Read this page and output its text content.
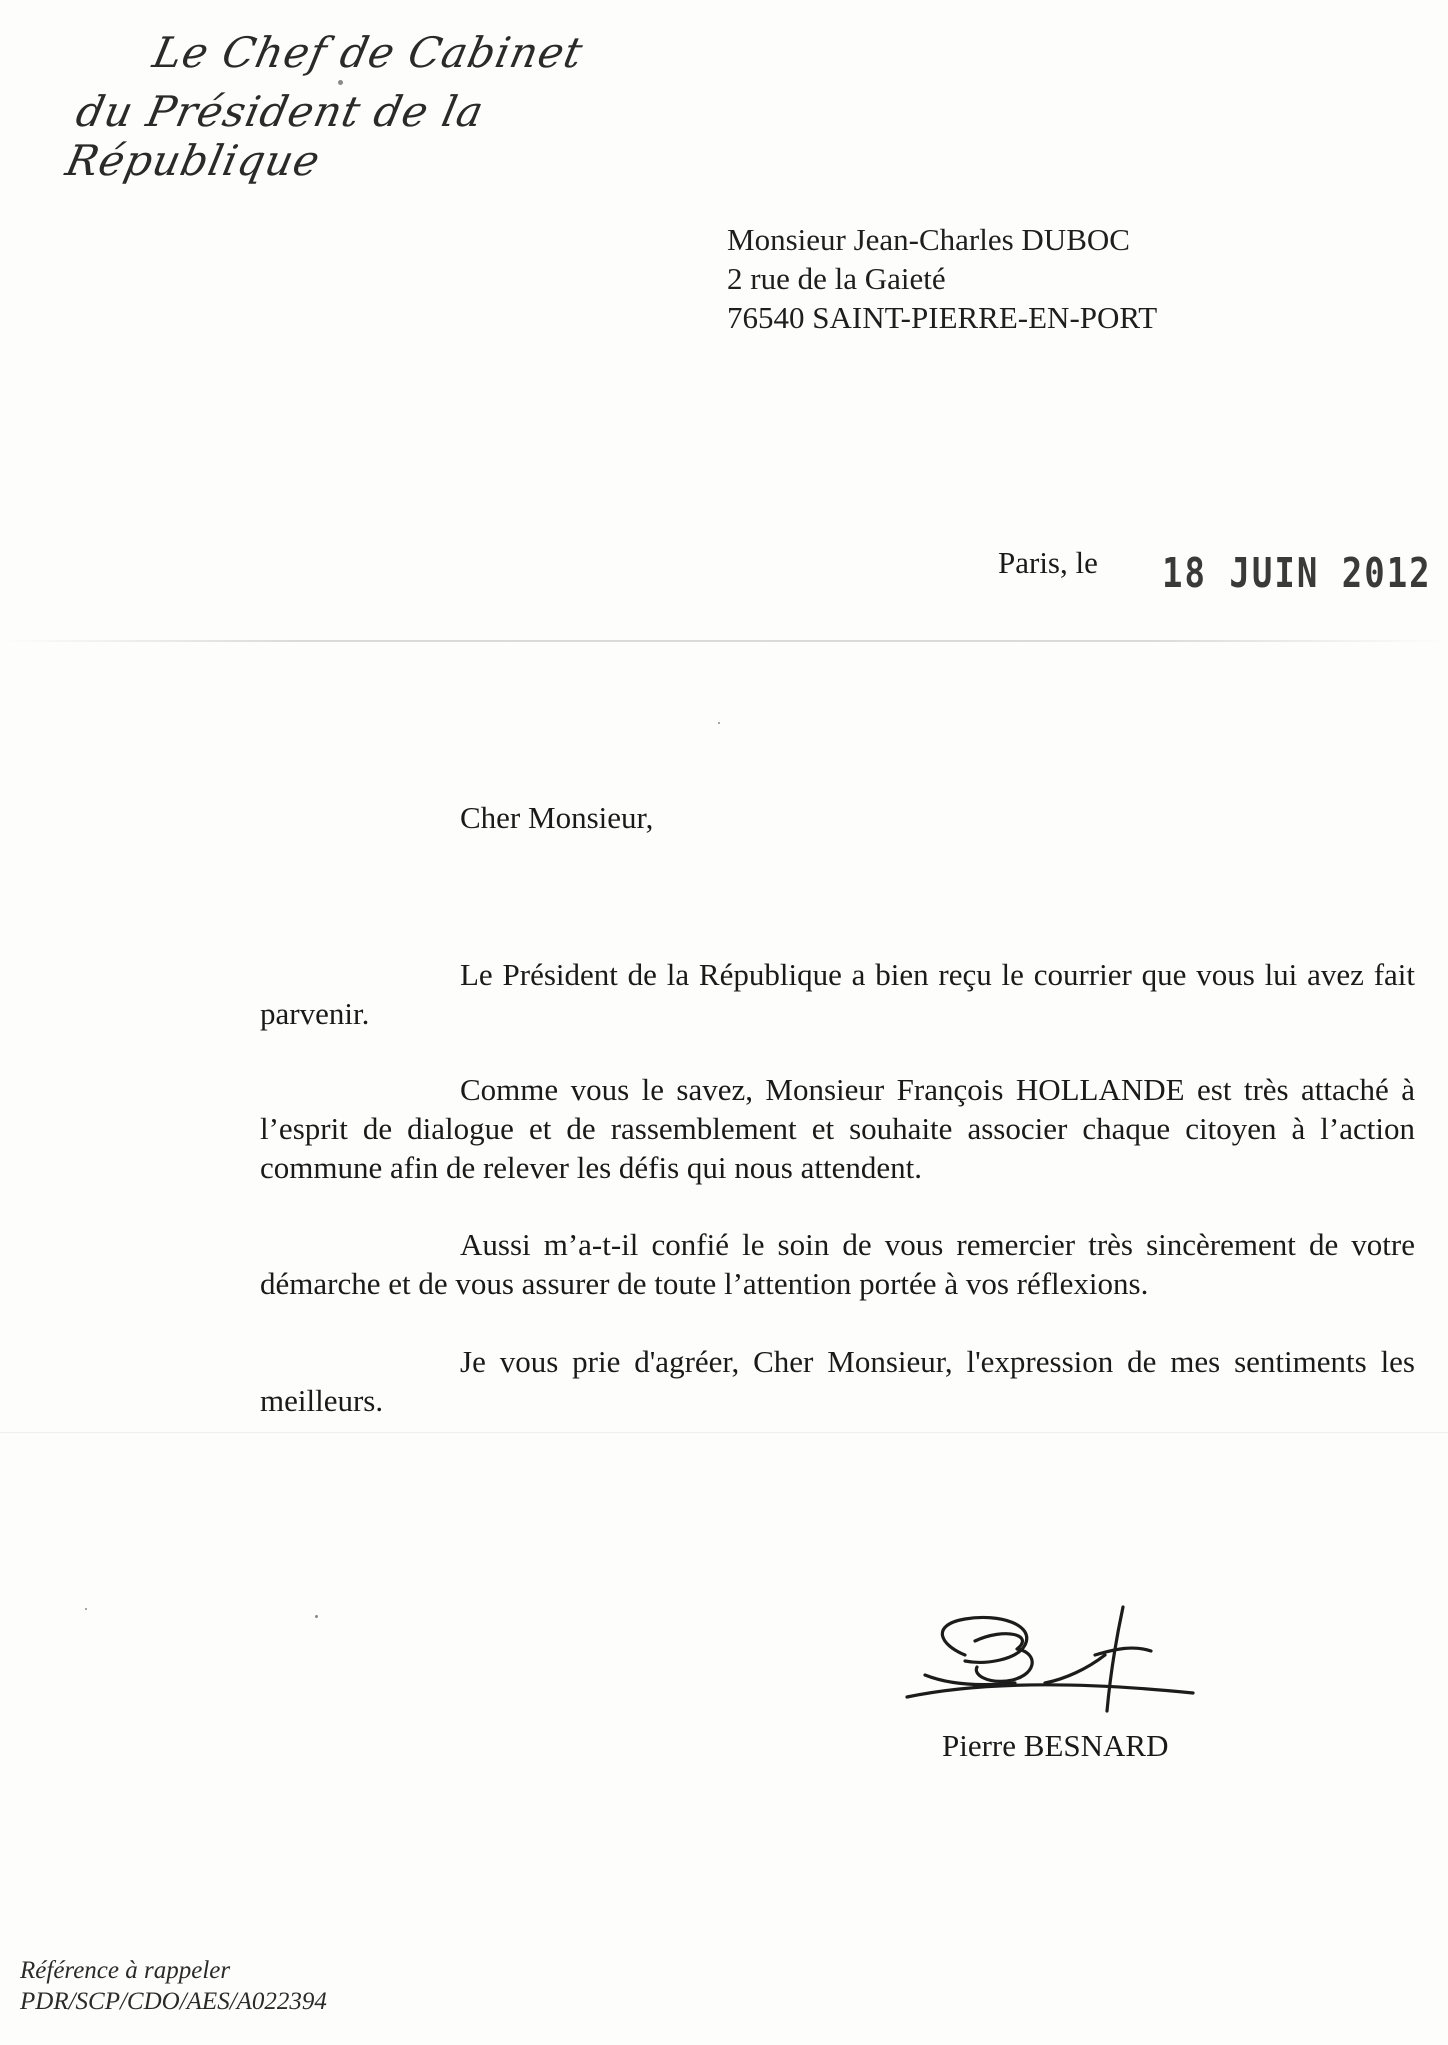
Le Chef de Cabinet
du Président de la République
Monsieur Jean-Charles DUBOC
2 rue de la Gaieté
76540 SAINT-PIERRE-EN-PORT
Paris, le 18 JUIN 2012
Cher Monsieur,

Le Président de la République a bien reçu le courrier que vous lui avez fait parvenir.

Comme vous le savez, Monsieur François HOLLANDE est très attaché à l’esprit de dialogue et de rassemblement et souhaite associer chaque citoyen à l’action commune afin de relever les défis qui nous attendent.

Aussi m’a-t-il confié le soin de vous remercier très sincèrement de votre démarche et de vous assurer de toute l’attention portée à vos réflexions.

Je vous prie d'agréer, Cher Monsieur, l'expression de mes sentiments les meilleurs.

Pierre BESNARD
Référence à rappeler
PDR/SCP/CDO/AES/A022394
